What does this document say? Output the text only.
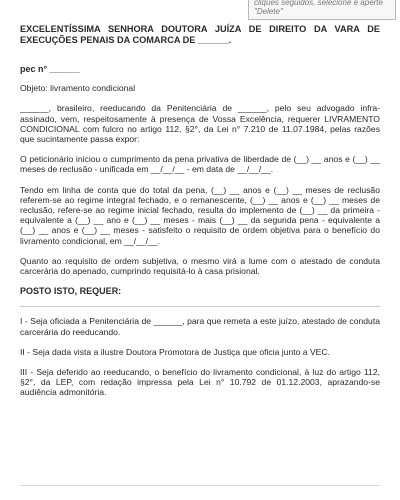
cliques seguidos, selecione e aperte "Delete"
EXCELENTÍSSIMA SENHORA DOUTORA JUÍZA DE DIREITO DA VARA DE EXECUÇÕES PENAIS DA COMARCA DE ______.
pec n° ______
Objeto: livramento condicional
______, brasileiro, reeducando da Penitenciária de ______, pelo seu advogado infra-assinado, vem, respeitosamente à presença de Vossa Excelência, requerer LIVRAMENTO CONDICIONAL com fulcro no artigo 112, §2°, da Lei n° 7.210 de 11.07.1984, pelas razões que sucintamente passa expor:
O peticionário iniciou o cumprimento da pena privativa de liberdade de (__) __ anos e (__) __ meses de reclusão - unificada em __/__/__ - em data de __/__/__.
Tendo em linha de conta que do total da pena, (__) __ anos e (__) __ meses de reclusão referem-se ao regime integral fechado, e o remanescente, (__) __ anos e (__) __ meses de reclusão, refere-se ao regime inicial fechado, resulta do implemento de (__) __ da primeira - equivalente a (__) __ ano e (__) __ meses - mais (__) __ da segunda pena - equivalente a (__) __ anos e (__) __ meses - satisfeito o requisito de ordem objetiva para o benefício do livramento condicional, em __/__/__.
Quanto ao requisito de ordem subjetiva, o mesmo virá a lume com o atestado de conduta carcerária do apenado, cumprindo requisitá-lo à casa prisional.
POSTO ISTO, REQUER:
I - Seja oficiada a Penitenciária de ______, para que remeta a este juízo, atestado de conduta carcerária do reeducando.
II - Seja dada vista a ilustre Doutora Promotora de Justiça que oficia junto a VEC.
III - Seja deferido ao reeducando, o benefício do livramento condicional, à luz do artigo 112, §2°, da LEP, com redação impressa pela Lei n° 10.792 de 01.12.2003, aprazando-se audiência admonitória.
